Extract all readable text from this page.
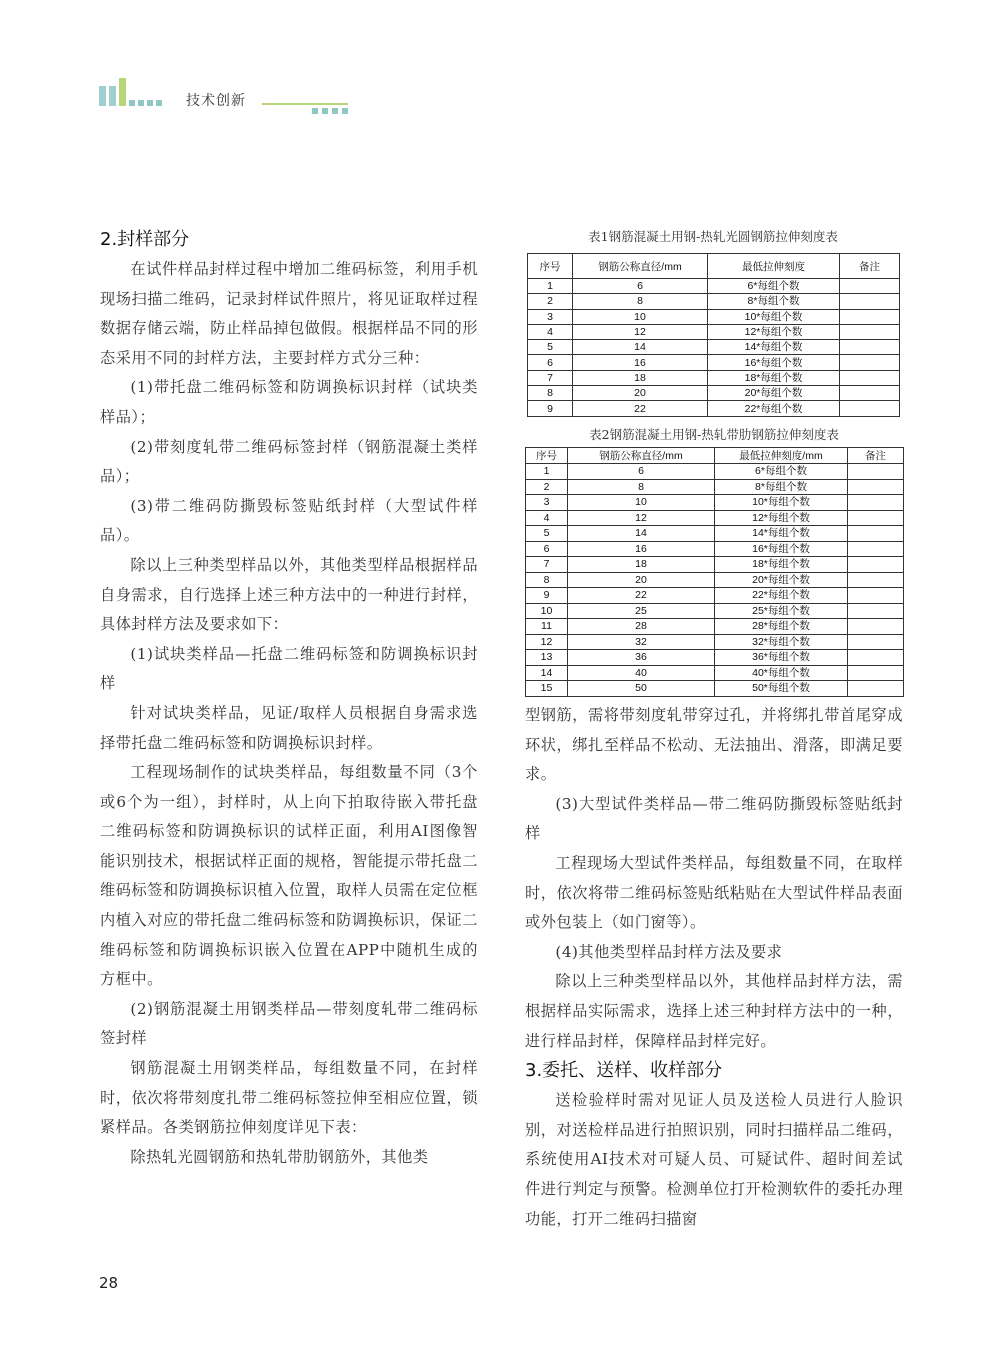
技术创新
2.封样部分

在试件样品封样过程中增加二维码标签，利用手机现场扫描二维码，记录封样试件照片，将见证取样过程数据存储云端，防止样品掉包做假。根据样品不同的形态采用不同的封样方法，主要封样方式分三种：

(1)带托盘二维码标签和防调换标识封样（试块类样品）；

(2)带刻度轧带二维码标签封样（钢筋混凝土类样品）；

(3)带二维码防撕毁标签贴纸封样（大型试件样品）。

除以上三种类型样品以外，其他类型样品根据样品自身需求，自行选择上述三种方法中的一种进行封样，具体封样方法及要求如下：

(1)试块类样品—托盘二维码标签和防调换标识封样

针对试块类样品，见证/取样人员根据自身需求选择带托盘二维码标签和防调换标识封样。

工程现场制作的试块类样品，每组数量不同（3个或6个为一组），封样时，从上向下拍取待嵌入带托盘二维码标签和防调换标识的试样正面，利用AI图像智能识别技术，根据试样正面的规格，智能提示带托盘二维码标签和防调换标识植入位置，取样人员需在定位框内植入对应的带托盘二维码标签和防调换标识，保证二维码标签和防调换标识嵌入位置在APP中随机生成的方框中。

(2)钢筋混凝土用钢类样品—带刻度轧带二维码标签封样

钢筋混凝土用钢类样品，每组数量不同，在封样时，依次将带刻度扎带二维码标签拉伸至相应位置，锁紧样品。各类钢筋拉伸刻度详见下表：

除热轧光圆钢筋和热轧带肋钢筋外，其他类

表1钢筋混凝土用钢-热轧光圆钢筋拉伸刻度表
序号	钢筋公称直径/mm	最低拉伸刻度	备注
1	6	6*每组个数	
2	8	8*每组个数	
3	10	10*每组个数	
4	12	12*每组个数	
5	14	14*每组个数	
6	16	16*每组个数	
7	18	18*每组个数	
8	20	20*每组个数	
9	22	22*每组个数	
表2钢筋混凝土用钢-热轧带肋钢筋拉伸刻度表
序号	钢筋公称直径/mm	最低拉伸刻度/mm	备注
1	6	6*每组个数	
2	8	8*每组个数	
3	10	10*每组个数	
4	12	12*每组个数	
5	14	14*每组个数	
6	16	16*每组个数	
7	18	18*每组个数	
8	20	20*每组个数	
9	22	22*每组个数	
10	25	25*每组个数	
11	28	28*每组个数	
12	32	32*每组个数	
13	36	36*每组个数	
14	40	40*每组个数	
15	50	50*每组个数	

型钢筋，需将带刻度轧带穿过孔，并将绑扎带首尾穿成环状，绑扎至样品不松动、无法抽出、滑落，即满足要求。

(3)大型试件类样品—带二维码防撕毁标签贴纸封样

工程现场大型试件类样品，每组数量不同，在取样时，依次将带二维码标签贴纸粘贴在大型试件样品表面或外包装上（如门窗等）。

(4)其他类型样品封样方法及要求

除以上三种类型样品以外，其他样品封样方法，需根据样品实际需求，选择上述三种封样方法中的一种，进行样品封样，保障样品封样完好。

3.委托、送样、收样部分

送检验样时需对见证人员及送检人员进行人脸识别，对送检样品进行拍照识别，同时扫描样品二维码，系统使用AI技术对可疑人员、可疑试件、超时间差试件进行判定与预警。检测单位打开检测软件的委托办理功能，打开二维码扫描窗

28
